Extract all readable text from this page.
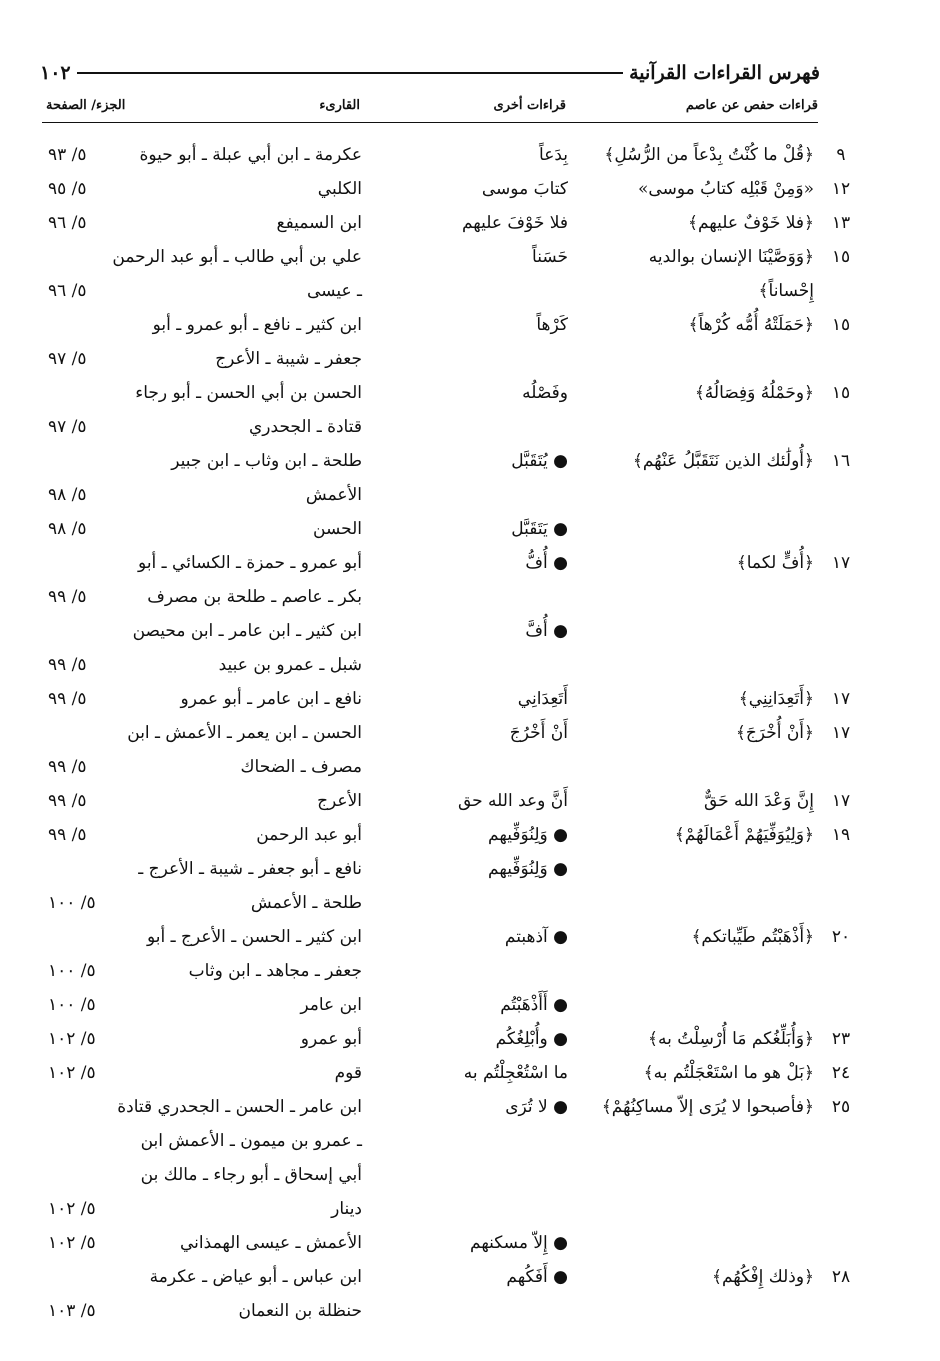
فهرس القراءات القرآنية
١٠٢
قراءات حفص عن عاصم
قراءات أخرى
القارىء
الجزء/ الصفحة
٩
﴿قُلْ ما كُنْتُ بِدْعاً من الرُّسُلِ﴾
بِدَعاً
عكرمة ـ ابن أبي عبلة ـ أبو حيوة
٥/ ٩٣
١٢
«وَمِنْ قَبْلِه كتابُ موسى»
كتابَ موسى
الكلبي
٥/ ٩٥
١٣
﴿فلا خَوْفٌ عليهم﴾
فلا خَوْفَ عليهم
ابن السميفع
٥/ ٩٦
١٥
﴿وَوَصَّيْنَا الإنسان بوالديه
حَسَناً
علي بن أبي طالب ـ أبو عبد الرحمن
إِحْساناً﴾
ـ عيسى
٥/ ٩٦
١٥
﴿حَمَلَتْهُ أُمُّه كُرْهاً﴾
كَرْهاً
ابن كثير ـ نافع ـ أبو عمرو ـ أبو
جعفر ـ شيبة ـ الأعرج
٥/ ٩٧
١٥
﴿وحَمْلُهُ وَفِصَالُهُ﴾
وفَصْلُه
الحسن بن أبي الحسن ـ أبو رجاء
قتادة ـ الجحدري
٥/ ٩٧
١٦
﴿أُولَٰئك الذين نَتَقَبَّلُ عَنْهُم﴾
● يُتَقَبَّل
طلحة ـ ابن وثاب ـ ابن جبير
الأعمش
٥/ ٩٨
● يَتَقَبَّل
الحسن
٥/ ٩٨
١٧
﴿أُفٍّ لكما﴾
● أُفُّ
أبو عمرو ـ حمزة ـ الكسائي ـ أبو
بكر ـ عاصم ـ طلحة بن مصرف
٥/ ٩٩
● أُفَّ
ابن كثير ـ ابن عامر ـ ابن محيصن
شبل ـ عمرو بن عبيد
٥/ ٩٩
١٧
﴿أَتَعِدَانِنِي﴾
أَتَعِدَانِي
نافع ـ ابن عامر ـ أبو عمرو
٥/ ٩٩
١٧
﴿أَنْ أُخْرَجَ﴾
أَنْ أَخْرُجَ
الحسن ـ ابن يعمر ـ الأعمش ـ ابن
مصرف ـ الضحاك
٥/ ٩٩
١٧
إِنَّ وَعْدَ الله حَقٌّ
أَنَّ وعد الله حق
الأعرج
٥/ ٩٩
١٩
﴿وَلِيُوَفِّيَهُمْ أَعْمَالَهُمْ﴾
● وَلِنُوَفِّيهم
أبو عبد الرحمن
٥/ ٩٩
● وَلِنُوَفِّيهم
نافع ـ أبو جعفر ـ شيبة ـ الأعرج ـ
طلحة ـ الأعمش
٥/ ١٠٠
٢٠
﴿أَذْهَبْتُم طَيِّباتكم﴾
● آذهبتم
ابن كثير ـ الحسن ـ الأعرج ـ أبو
جعفر ـ مجاهد ـ ابن وثاب
٥/ ١٠٠
● أَأَذْهَبْتُم
ابن عامر
٥/ ١٠٠
٢٣
﴿وَأُبَلِّغُكم مَا أُرْسِلْتُ به﴾
● وأُبْلِغُكُم
أبو عمرو
٥/ ١٠٢
٢٤
﴿بَلْ هو ما اسْتَعْجَلْتُم به﴾
ما اسْتُعْجِلْتُم به
قوم
٥/ ١٠٢
٢٥
﴿فأصبحوا لا يُرَى إلاّ مساكِنُهُمْ﴾
● لا تُرَى
ابن عامر ـ الحسن ـ الجحدري قتادة
ـ عمرو بن ميمون ـ الأعمش ابن
أبي إسحاق ـ أبو رجاء ـ مالك بن
دينار
٥/ ١٠٢
● إِلاّ مسكنهم
الأعمش ـ عيسى الهمذاني
٥/ ١٠٢
٢٨
﴿وذلك إِفْكُهُم﴾
● أَفَكُهم
ابن عباس ـ أبو عياض ـ عكرمة
حنظلة بن النعمان
٥/ ١٠٣
